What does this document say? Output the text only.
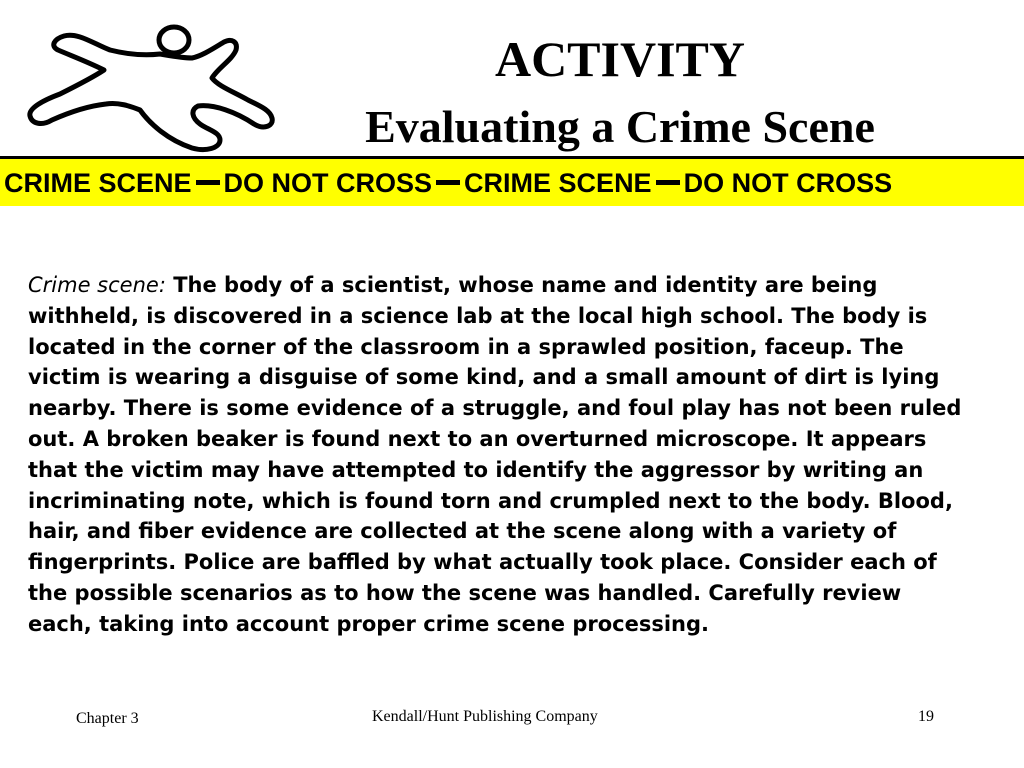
ACTIVITY
Evaluating a Crime Scene
CRIME SCENE DO NOT CROSS CRIME SCENE DO NOT CROSS

Crime scene: The body of a scientist, whose name and identity are being
withheld, is discovered in a science lab at the local high school. The body is
located in the corner of the classroom in a sprawled position, faceup. The
victim is wearing a disguise of some kind, and a small amount of dirt is lying
nearby. There is some evidence of a struggle, and foul play has not been ruled
out. A broken beaker is found next to an overturned microscope. It appears
that the victim may have attempted to identify the aggressor by writing an
incriminating note, which is found torn and crumpled next to the body. Blood,
hair, and fiber evidence are collected at the scene along with a variety of
fingerprints. Police are baffled by what actually took place. Consider each of
the possible scenarios as to how the scene was handled. Carefully review
each, taking into account proper crime scene processing.

Chapter 3	Kendall/Hunt Publishing Company	19
